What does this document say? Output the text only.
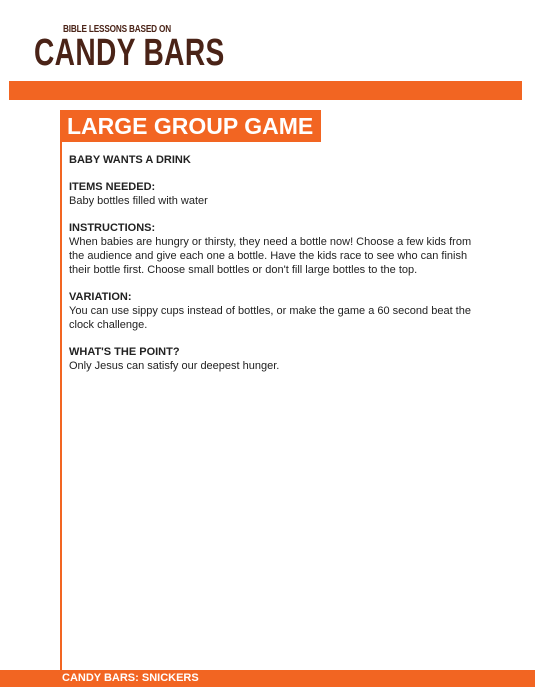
BIBLE LESSONS BASED ON
CANDY BARS
LARGE GROUP GAME

BABY WANTS A DRINK

ITEMS NEEDED:

Baby bottles filled with water

INSTRUCTIONS:

When babies are hungry or thirsty, they need a bottle now! Choose a few kids from the audience and give each one a bottle. Have the kids race to see who can finish their bottle first. Choose small bottles or don't fill large bottles to the top.

VARIATION:

You can use sippy cups instead of bottles, or make the game a 60 second beat the clock challenge.

WHAT'S THE POINT?

Only Jesus can satisfy our deepest hunger.

CANDY BARS: SNICKERS
